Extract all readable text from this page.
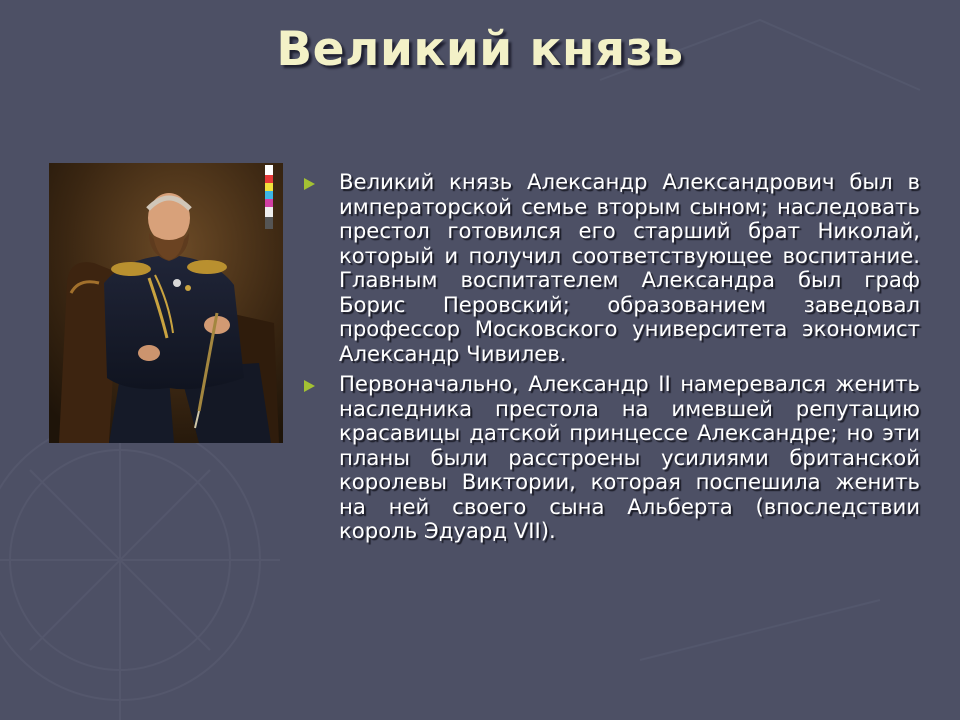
Великий князь
Великий князь Александр Александрович был в императорской семье вторым сыном; наследовать престол готовился его старший брат Николай, который и получил соответствующее воспитание. Главным воспитателем Александра был граф Борис Перовский; образованием заведовал профессор Московского университета экономист Александр Чивилев.
Первоначально, Александр II намеревался женить наследника престола на имевшей репутацию красавицы датской принцессе Александре; но эти планы были расстроены усилиями британской королевы Виктории, которая поспешила женить на ней своего сына Альберта (впоследствии король Эдуард VII).
